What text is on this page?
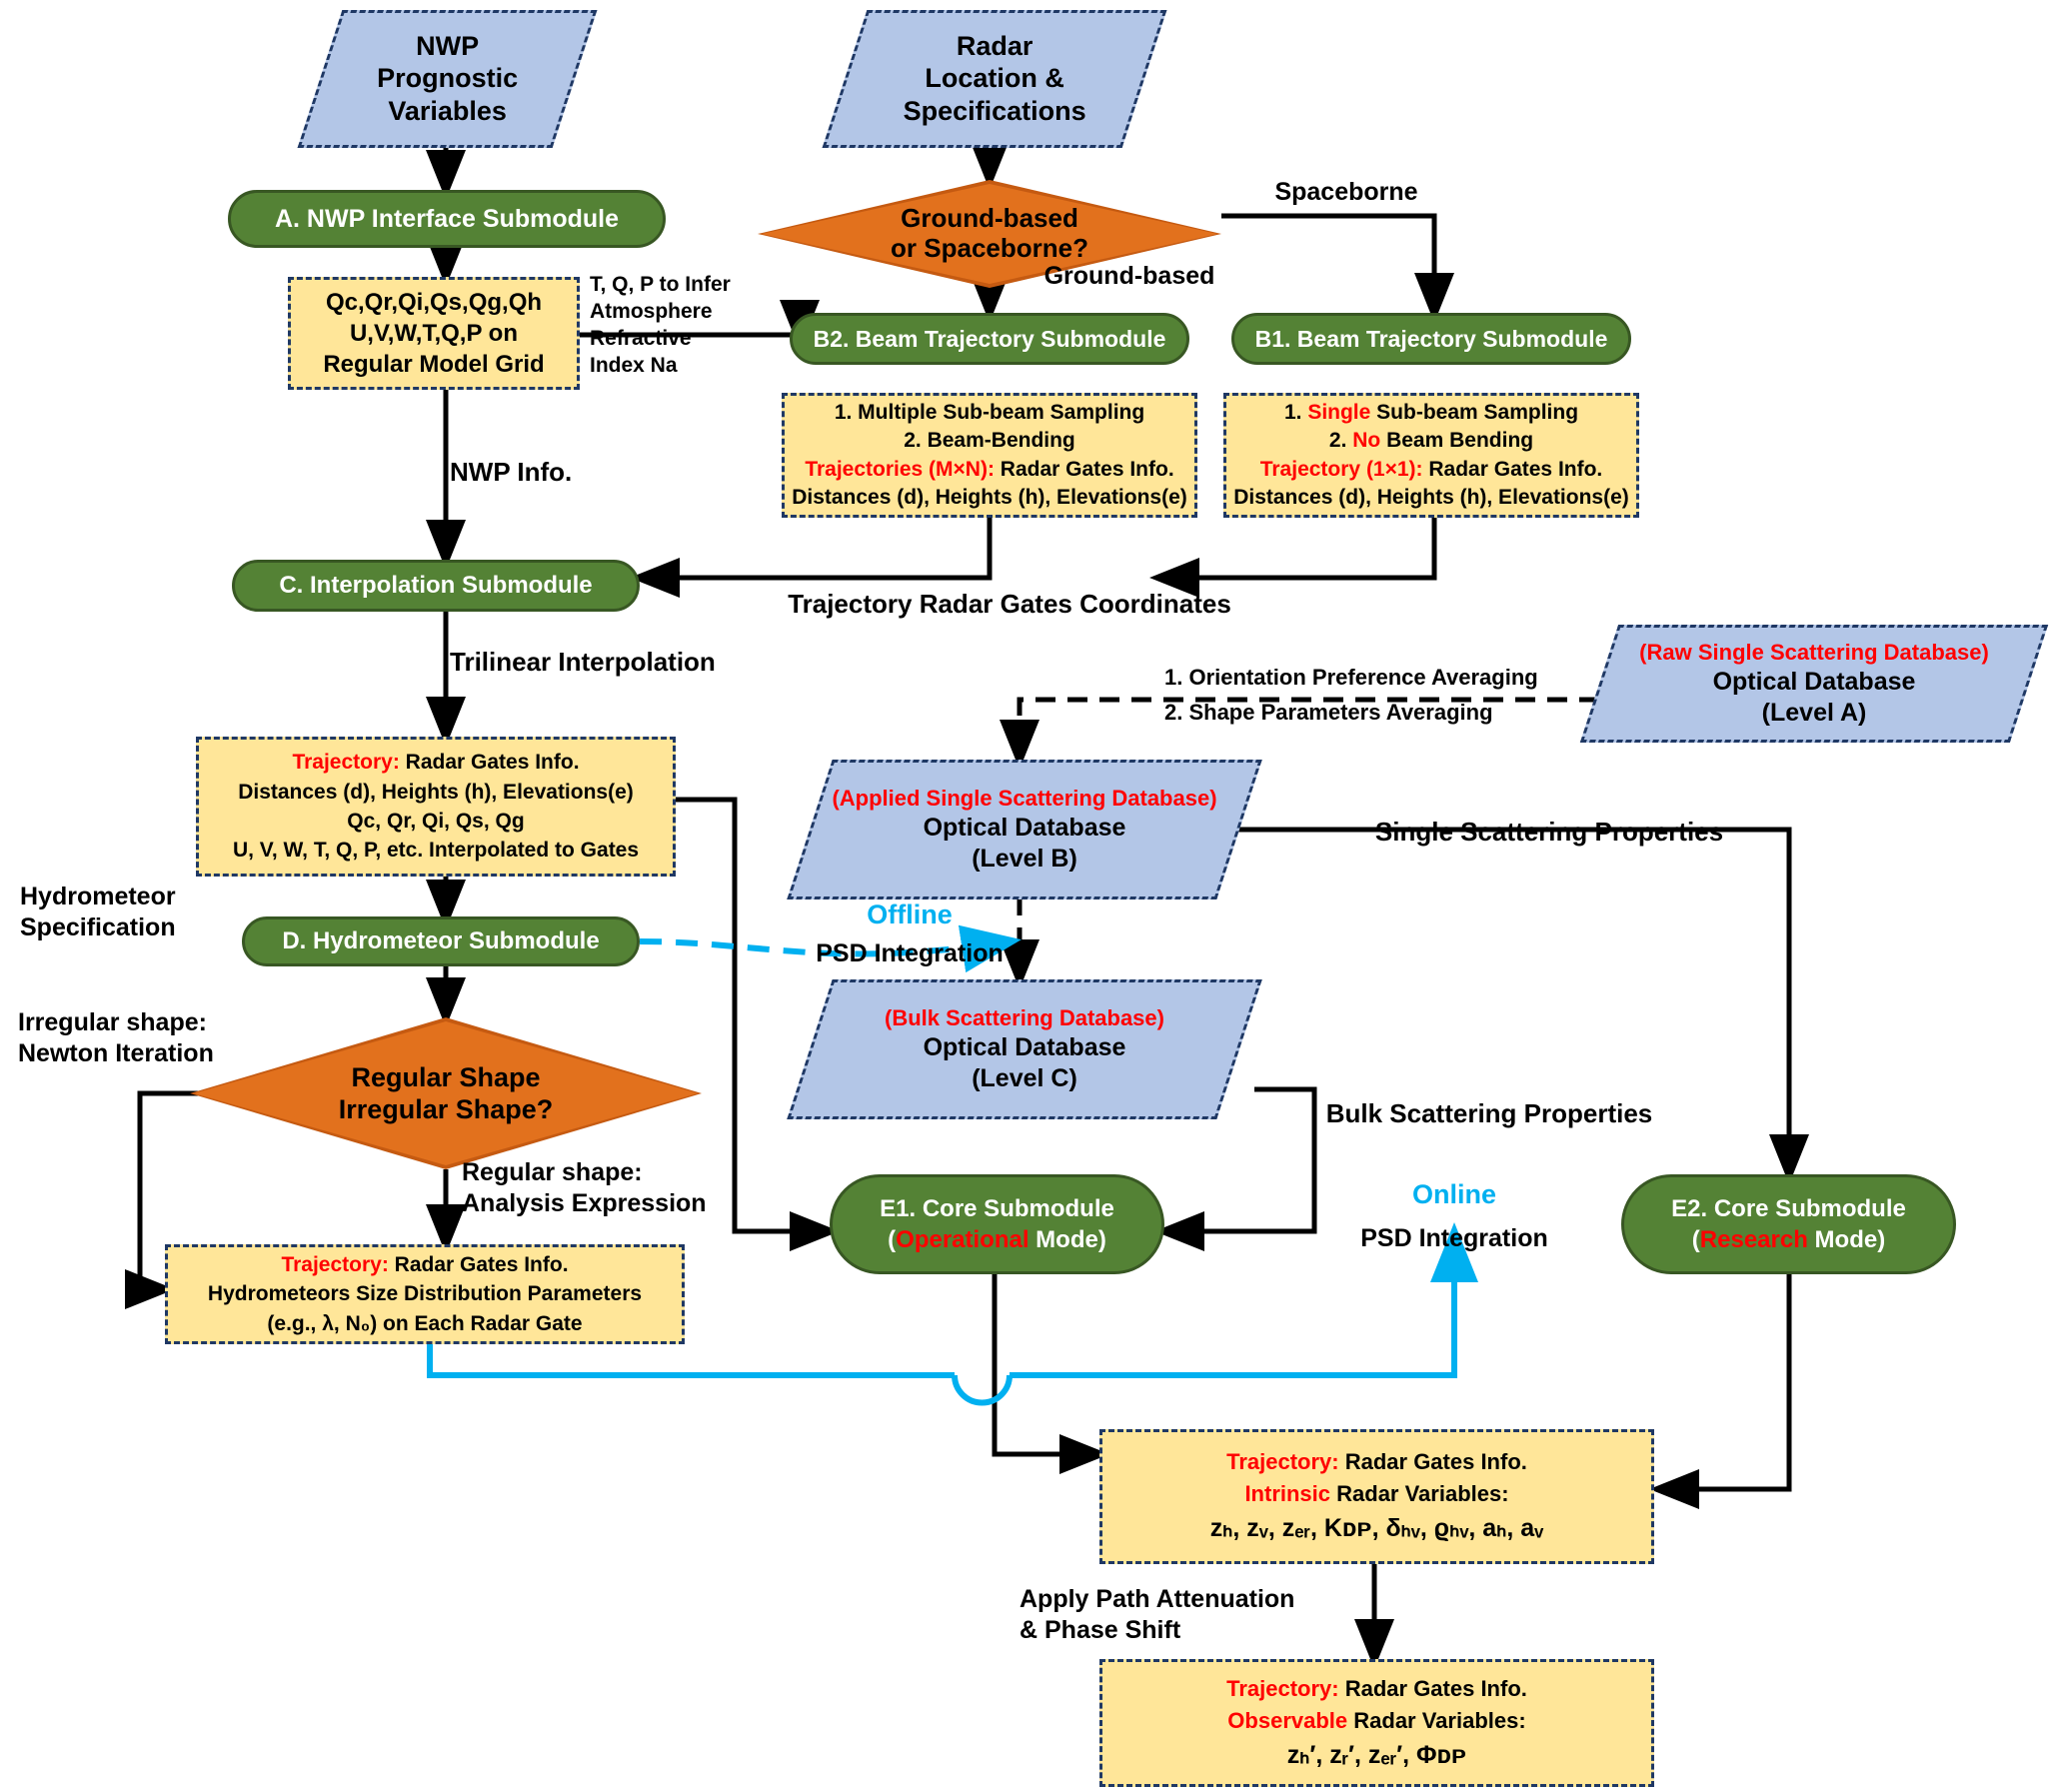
NWP
Prognostic
Variables
Radar
Location &
Specifications
A. NWP Interface Submodule	Ground-based
or Spaceborne?
Spaceborne
Ground-based
Qc,Qr,Qi,Qs,Qg,Qh
U,V,W,T,Q,P on
Regular Model Grid
T, Q, P to Infer
Atmosphere
Refractive
Index Na
B2. Beam Trajectory Submodule	B1. Beam Trajectory Submodule
1. Multiple Sub-beam Sampling
2. Beam-Bending
Trajectories (M×N): Radar Gates Info.
Distances (d), Heights (h), Elevations(e)
1. Single Sub-beam Sampling
2. No Beam Bending
Trajectory (1×1): Radar Gates Info.
Distances (d), Heights (h), Elevations(e)
NWP Info.
C. Interpolation Submodule
Trajectory Radar Gates Coordinates
Trilinear Interpolation	(Raw Single Scattering Database)
Optical Database
(Level A)
1. Orientation Preference Averaging
2. Shape Parameters Averaging
Trajectory: Radar Gates Info.
Distances (d), Heights (h), Elevations(e)
Qc, Qr, Qi, Qs, Qg
U, V, W, T, Q, P, etc. Interpolated to Gates
(Applied Single Scattering Database)
Optical Database
(Level B)
Single Scattering Properties
Hydrometeor
Specification	D. Hydrometeor Submodule
Offline
PSD Integration
(Bulk Scattering Database)
Optical Database
(Level C)
Irregular shape:
Newton Iteration
Regular Shape
Irregular Shape?
Regular shape:
Analysis Expression
Bulk Scattering Properties
E1. Core Submodule
(Operational Mode)
E2. Core Submodule
(Research Mode)
Online
PSD Integration
Trajectory: Radar Gates Info.
Hydrometeors Size Distribution Parameters
(e.g., λ, N₀) on Each Radar Gate
Trajectory: Radar Gates Info.
Intrinsic Radar Variables:
zₕ, zᵥ, zₑᵣ, Kᴅᴘ, δₕᵥ, ϱₕᵥ, aₕ, aᵥ
Apply Path Attenuation
& Phase Shift
Trajectory: Radar Gates Info.
Observable Radar Variables:
zₕ′, zᵣ′, zₑᵣ′, Φᴅᴘ
